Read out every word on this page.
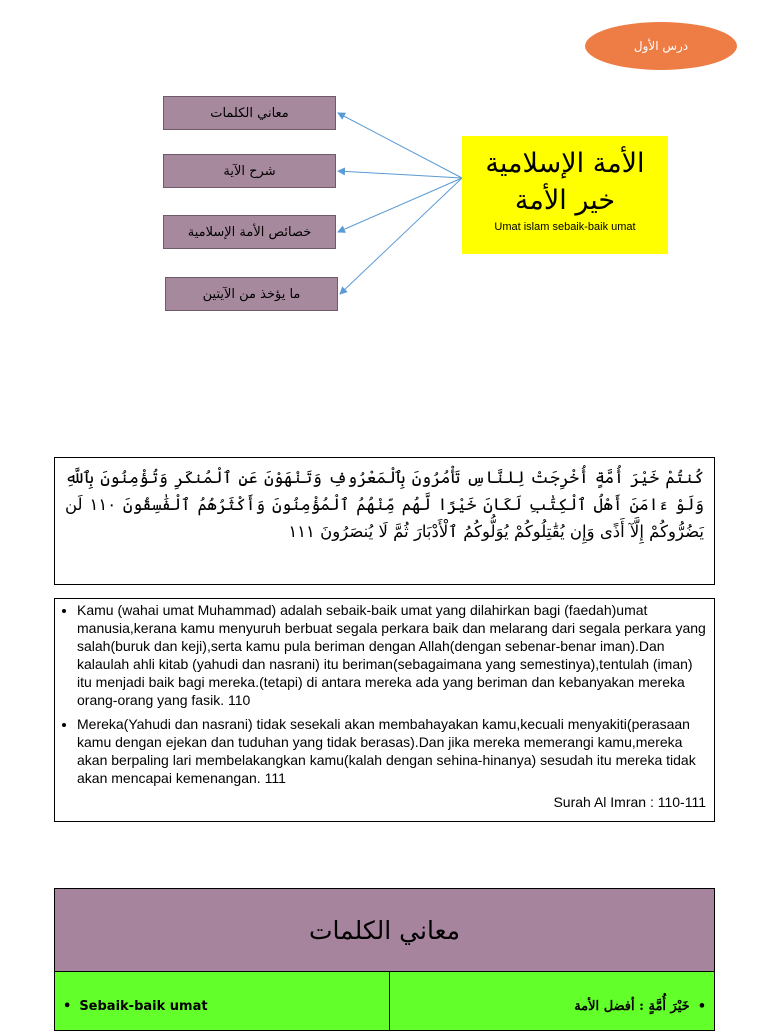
درس الأول
معاني الكلمات
شرح الآية
خصائص الأمة الإسلامية
ما يؤخذ من الآيتين
الأمة الإسلامية
خير الأمة
Umat islam sebaik-baik umat
كُنتُمْ خَيْرَ أُمَّةٍ أُخْرِجَتْ لِلنَّاسِ تَأْمُرُونَ بِٱلْمَعْرُوفِ وَتَنْهَوْنَ عَنِ ٱلْمُنكَرِ وَتُؤْمِنُونَ بِٱللَّهِ وَلَوْ ءَامَنَ أَهْلُ ٱلْكِتَٰبِ لَكَانَ خَيْرًا لَّهُم مِّنْهُمُ ٱلْمُؤْمِنُونَ وَأَكْثَرُهُمُ ٱلْفَٰسِقُونَ ١١٠ لَن يَضُرُّوكُمْ إِلَّآ أَذًى وَإِن يُقَٰتِلُوكُمْ يُوَلُّوكُمُ ٱلْأَدْبَارَ ثُمَّ لَا يُنصَرُونَ ١١١
• Kamu (wahai umat Muhammad) adalah sebaik-baik umat yang dilahirkan bagi (faedah)umat manusia,kerana kamu menyuruh berbuat segala perkara baik dan melarang dari segala perkara yang salah(buruk dan keji),serta kamu pula beriman dengan Allah(dengan sebenar-benar iman).Dan kalaulah ahli kitab (yahudi dan nasrani) itu beriman(sebagaimana yang semestinya),tentulah (iman) itu menjadi baik bagi mereka.(tetapi) di antara mereka ada yang beriman dan kebanyakan mereka orang-orang yang fasik. 110
• Mereka(Yahudi dan nasrani) tidak sesekali akan membahayakan kamu,kecuali menyakiti(perasaan kamu dengan ejekan dan tuduhan yang tidak berasas).Dan jika mereka memerangi kamu,mereka akan berpaling lari membelakangkan kamu(kalah dengan sehina-hinanya) sesudah itu mereka tidak akan mencapai kemenangan. 111
Surah Al Imran : 110-111
معاني الكلمات
• Sebaik-baik umat	•خَيْرَ أُمَّةٍ : أفضل الأمة
